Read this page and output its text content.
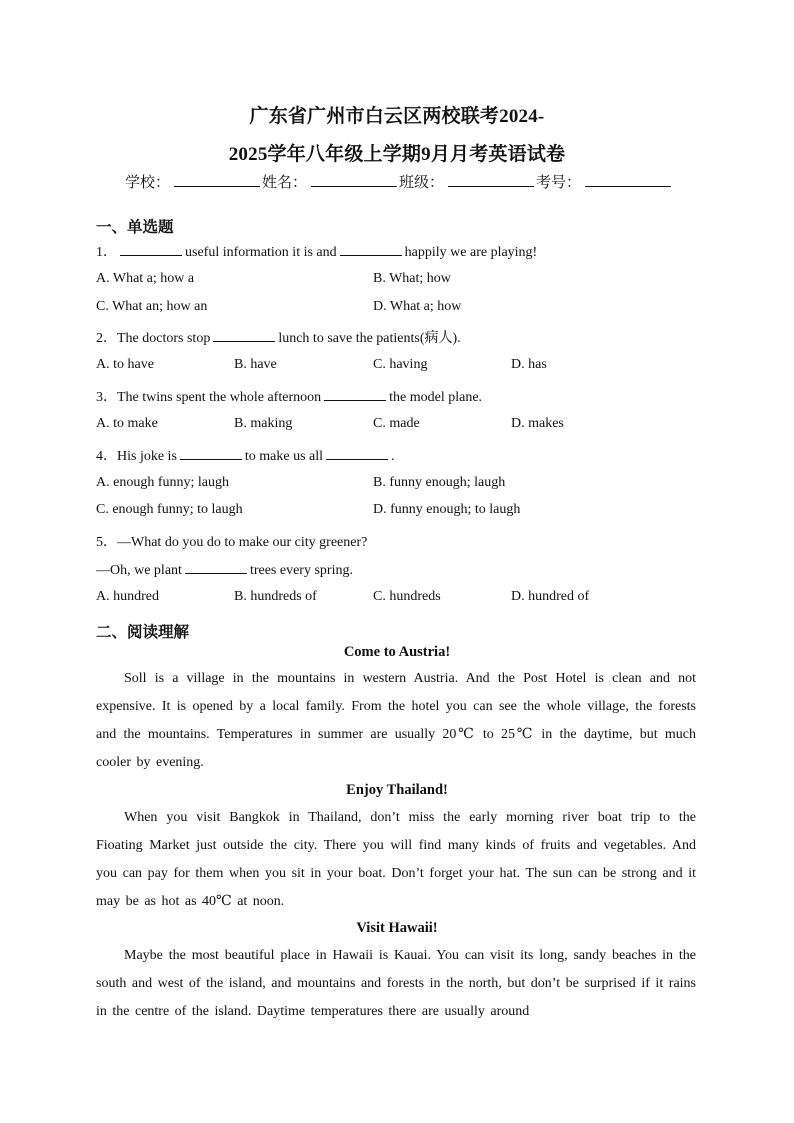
广东省广州市白云区两校联考2024-
2025学年八年级上学期9月月考英语试卷
学校：	姓名：	班级：	考号：
一、单选题
1．	useful information it is and	happily we are playing!
A. What a; how a	B. What; how
C. What an; how an	D. What a; how
2．The doctors stop	lunch to save the patients(病人).
A. to have	B. have	C. having	D. has
3．The twins spent the whole afternoon	the model plane.
A. to make	B. making	C. made	D. makes
4．His joke is	to make us all	.
A. enough funny; laugh	B. funny enough; laugh
C. enough funny; to laugh	D. funny enough; to laugh
5．—What do you do to make our city greener?
—Oh, we plant	trees every spring.
A. hundred	B. hundreds of	C. hundreds	D. hundred of
二、阅读理解
Come to Austria!
Soll is a village in the mountains in western Austria. And the Post Hotel is clean and not expensive. It is opened by a local family. From the hotel you can see the whole village, the forests and the mountains. Temperatures in summer are usually 20℃ to 25℃ in the daytime, but much cooler by evening.
Enjoy Thailand!
When you visit Bangkok in Thailand, don’t miss the early morning river boat trip to the Fioating Market just outside the city. There you will find many kinds of fruits and vegetables. And you can pay for them when you sit in your boat. Don’t forget your hat. The sun can be strong and it may be as hot as 40℃ at noon.
Visit Hawaii!
Maybe the most beautiful place in Hawaii is Kauai. You can visit its long, sandy beaches in the south and west of the island, and mountains and forests in the north, but don’t be surprised if it rains in the centre of the island. Daytime temperatures there are usually around
